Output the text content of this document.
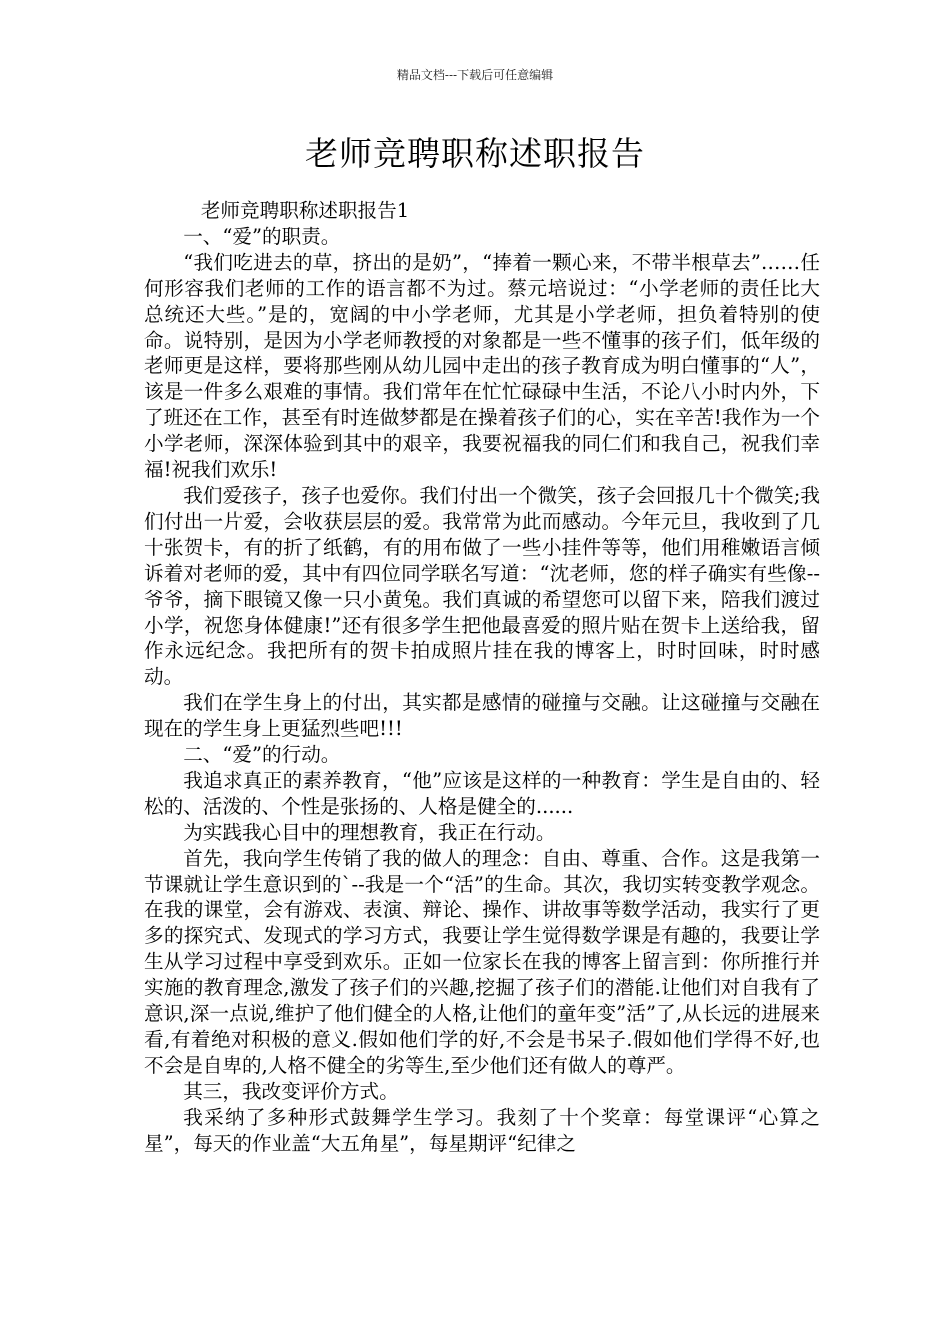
精品文档---下载后可任意编辑
老师竞聘职称述职报告

老师竞聘职称述职报告1

一、“爱”的职责。

“我们吃进去的草，挤出的是奶”，“捧着一颗心来，不带半根草去”……任何形容我们老师的工作的语言都不为过。蔡元培说过：“小学老师的责任比大总统还大些。”是的，宽阔的中小学老师，尤其是小学老师，担负着特别的使命。说特别，是因为小学老师教授的对象都是一些不懂事的孩子们，低年级的老师更是这样，要将那些刚从幼儿园中走出的孩子教育成为明白懂事的“人”，该是一件多么艰难的事情。我们常年在忙忙碌碌中生活，不论八小时内外，下了班还在工作，甚至有时连做梦都是在操着孩子们的心，实在辛苦!我作为一个小学老师，深深体验到其中的艰辛，我要祝福我的同仁们和我自己，祝我们幸福!祝我们欢乐!

我们爱孩子，孩子也爱你。我们付出一个微笑，孩子会回报几十个微笑;我们付出一片爱，会收获层层的爱。我常常为此而感动。今年元旦，我收到了几十张贺卡，有的折了纸鹤，有的用布做了一些小挂件等等，他们用稚嫩语言倾诉着对老师的爱，其中有四位同学联名写道：“沈老师，您的样子确实有些像--爷爷，摘下眼镜又像一只小黄兔。我们真诚的希望您可以留下来，陪我们渡过小学，祝您身体健康!”还有很多学生把他最喜爱的照片贴在贺卡上送给我，留作永远纪念。我把所有的贺卡拍成照片挂在我的博客上，时时回味，时时感动。

我们在学生身上的付出，其实都是感情的碰撞与交融。让这碰撞与交融在现在的学生身上更猛烈些吧!!!

二、“爱”的行动。

我追求真正的素养教育，“他”应该是这样的一种教育：学生是自由的、轻松的、活泼的、个性是张扬的、人格是健全的......

为实践我心目中的理想教育，我正在行动。

首先，我向学生传销了我的做人的理念：自由、尊重、合作。这是我第一节课就让学生意识到的`--我是一个“活”的生命。其次，我切实转变教学观念。在我的课堂，会有游戏、表演、辩论、操作、讲故事等数学活动，我实行了更多的探究式、发现式的学习方式，我要让学生觉得数学课是有趣的，我要让学生从学习过程中享受到欢乐。正如一位家长在我的博客上留言到：你所推行并实施的教育理念,激发了孩子们的兴趣,挖掘了孩子们的潜能.让他们对自我有了意识,深一点说,维护了他们健全的人格,让他们的童年变”活”了,从长远的进展来看,有着绝对积极的意义.假如他们学的好,不会是书呆子.假如他们学得不好,也不会是自卑的,人格不健全的劣等生,至少他们还有做人的尊严。

其三，我改变评价方式。

我采纳了多种形式鼓舞学生学习。我刻了十个奖章：每堂课评“心算之星”，每天的作业盖“大五角星”，每星期评“纪律之
